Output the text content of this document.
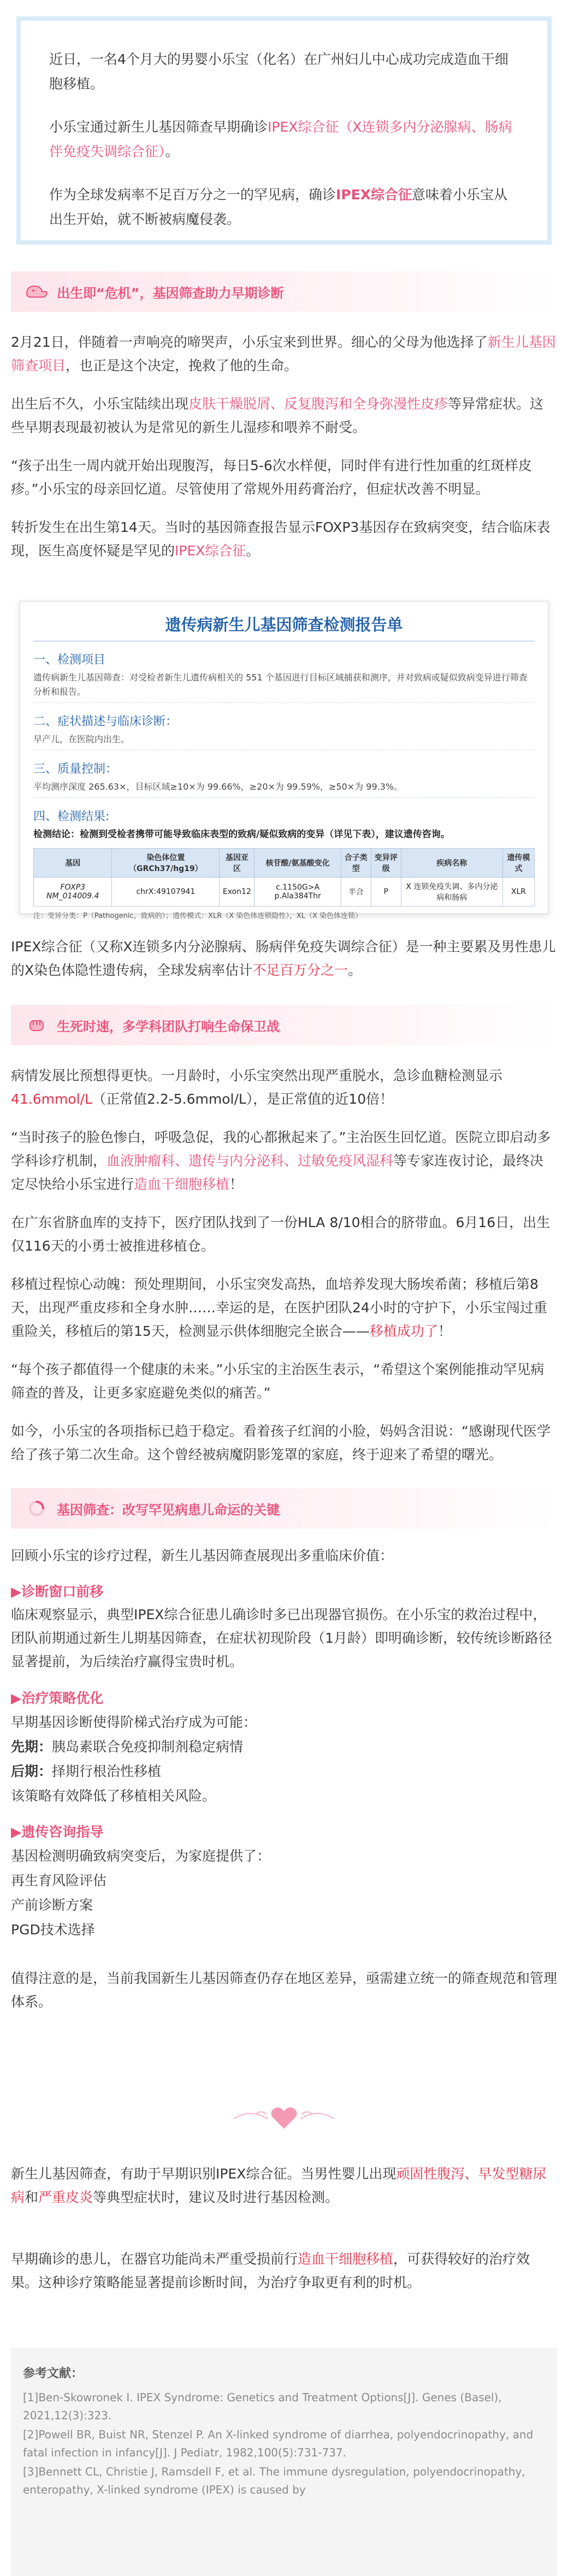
近日，一名4个月大的男婴小乐宝（化名）在广州妇儿中心成功完成造血干细胞移植。

小乐宝通过新生儿基因筛查早期确诊IPEX综合征（X连锁多内分泌腺病、肠病伴免疫失调综合征）。

作为全球发病率不足百万分之一的罕见病，确诊IPEX综合征意味着小乐宝从出生开始，就不断被病魔侵袭。

出生即“危机”，基因筛查助力早期诊断

2月21日，伴随着一声响亮的啼哭声，小乐宝来到世界。细心的父母为他选择了新生儿基因筛查项目，也正是这个决定，挽救了他的生命。

出生后不久，小乐宝陆续出现皮肤干燥脱屑、反复腹泻和全身弥漫性皮疹等异常症状。这些早期表现最初被认为是常见的新生儿湿疹和喂养不耐受。

“孩子出生一周内就开始出现腹泻，每日5-6次水样便，同时伴有进行性加重的红斑样皮疹。”小乐宝的母亲回忆道。尽管使用了常规外用药膏治疗，但症状改善不明显。

转折发生在出生第14天。当时的基因筛查报告显示FOXP3基因存在致病突变，结合临床表现，医生高度怀疑是罕见的IPEX综合征。

遗传病新生儿基因筛查检测报告单
一、检测项目
遗传病新生儿基因筛查：对受检者新生儿遗传病相关的 551 个基因进行目标区域捕获和测序，并对致病或疑似致病变异进行筛查分析和报告。
二、症状描述与临床诊断：
早产儿，在医院内出生。
三、质量控制：
平均测序深度 265.63×，目标区域≥10×为 99.66%，≥20×为 99.59%，≥50×为 99.3%。
四、检测结果:
检测结论：检测到受检者携带可能导致临床表型的致病/疑似致病的变异（详见下表），建议遗传咨询。
基因	染色体位置（GRCh37/hg19）	基因亚区	核苷酸/氨基酸变化	合子类型	变异评级	疾病名称	遗传模式
FOXP3 NM_014009.4	chrX:49107941	Exon12	c.1150G>A p.Ala384Thr	半合	P	X 连锁免疫失调、多内分泌病和肠病	XLR
注：变异分类：P（Pathogenic，致病的）；遗传模式：XLR（X 染色体连锁隐性），XL（X 染色体连锁）

IPEX综合征（又称X连锁多内分泌腺病、肠病伴免疫失调综合征）是一种主要累及男性患儿的X染色体隐性遗传病，全球发病率估计不足百万分之一。

生死时速，多学科团队打响生命保卫战

病情发展比预想得更快。一月龄时，小乐宝突然出现严重脱水，急诊血糖检测显示41.6mmol/L（正常值2.2-5.6mmol/L），是正常值的近10倍！

“当时孩子的脸色惨白，呼吸急促，我的心都揪起来了。”主治医生回忆道。医院立即启动多学科诊疗机制，血液肿瘤科、遗传与内分泌科、过敏免疫风湿科等专家连夜讨论，最终决定尽快给小乐宝进行造血干细胞移植！

在广东省脐血库的支持下，医疗团队找到了一份HLA 8/10相合的脐带血。6月16日，出生仅116天的小勇士被推进移植仓。

移植过程惊心动魄：预处理期间，小乐宝突发高热，血培养发现大肠埃希菌；移植后第8天，出现严重皮疹和全身水肿……幸运的是，在医护团队24小时的守护下，小乐宝闯过重重险关，移植后的第15天，检测显示供体细胞完全嵌合——移植成功了！

“每个孩子都值得一个健康的未来。”小乐宝的主治医生表示，“希望这个案例能推动罕见病筛查的普及，让更多家庭避免类似的痛苦。”

如今，小乐宝的各项指标已趋于稳定。看着孩子红润的小脸，妈妈含泪说：“感谢现代医学给了孩子第二次生命。这个曾经被病魔阴影笼罩的家庭，终于迎来了希望的曙光。

基因筛查：改写罕见病患儿命运的关键

回顾小乐宝的诊疗过程，新生儿基因筛查展现出多重临床价值：

▶诊断窗口前移

临床观察显示，典型IPEX综合征患儿确诊时多已出现器官损伤。在小乐宝的救治过程中，团队前期通过新生儿期基因筛查，在症状初现阶段（1月龄）即明确诊断，较传统诊断路径显著提前，为后续治疗赢得宝贵时机。

▶治疗策略优化

早期基因诊断使得阶梯式治疗成为可能：

先期：胰岛素联合免疫抑制剂稳定病情

后期：择期行根治性移植

该策略有效降低了移植相关风险。

▶遗传咨询指导

基因检测明确致病突变后，为家庭提供了：

再生育风险评估

产前诊断方案

PGD技术选择

值得注意的是，当前我国新生儿基因筛查仍存在地区差异，亟需建立统一的筛查规范和管理体系。

新生儿基因筛查，有助于早期识别IPEX综合征。当男性婴儿出现顽固性腹泻、早发型糖尿病和严重皮炎等典型症状时，建议及时进行基因检测。

早期确诊的患儿，在器官功能尚未严重受损前行造血干细胞移植，可获得较好的治疗效果。这种诊疗策略能显著提前诊断时间，为治疗争取更有利的时机。

参考文献：
[1]Ben-Skowronek I. IPEX Syndrome: Genetics and Treatment Options[J]. Genes (Basel), 2021,12(3):323.
[2]Powell BR, Buist NR, Stenzel P. An X-linked syndrome of diarrhea, polyendocrinopathy, and fatal infection in infancy[J]. J Pediatr, 1982,100(5):731-737.
[3]Bennett CL, Christie J, Ramsdell F, et al. The immune dysregulation, polyendocrinopathy, enteropathy, X-linked syndrome (IPEX) is caused by
